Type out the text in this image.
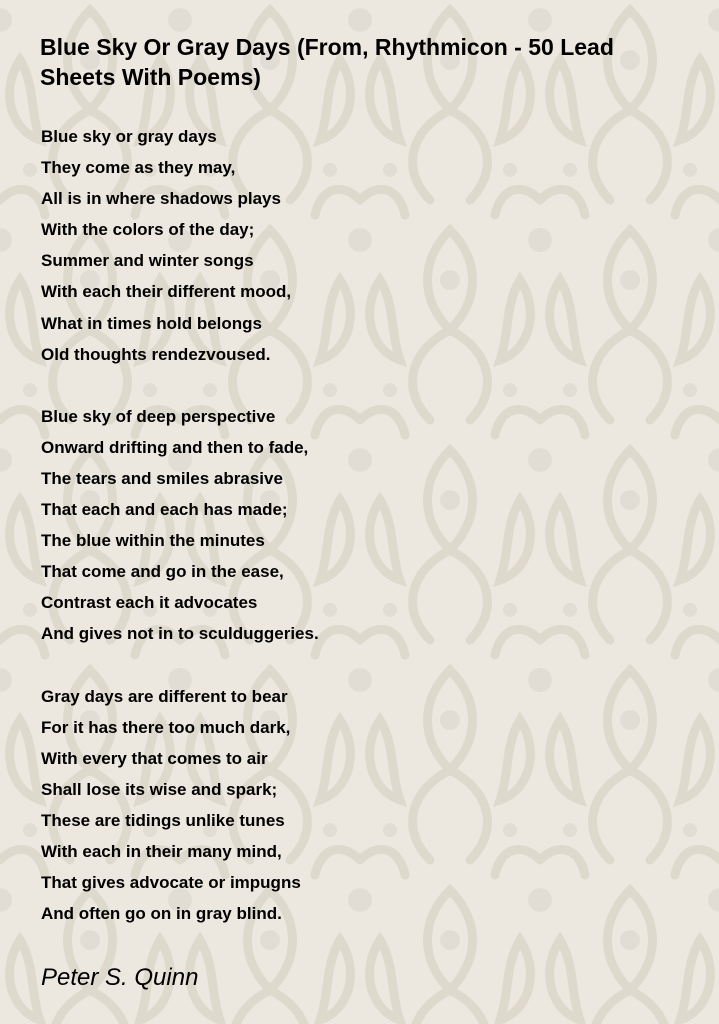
Blue Sky Or Gray Days (From, Rhythmicon - 50 Lead Sheets With Poems)
Blue sky or gray days
They come as they may,
All is in where shadows plays
With the colors of the day;
Summer and winter songs
With each their different mood,
What in times hold belongs
Old thoughts rendezvoused.
Blue sky of deep perspective
Onward drifting and then to fade,
The tears and smiles abrasive
That each and each has made;
The blue within the minutes
That come and go in the ease,
Contrast each it advocates
And gives not in to sculduggeries.
Gray days are different to bear
For it has there too much dark,
With every that comes to air
Shall lose its wise and spark;
These are tidings unlike tunes
With each in their many mind,
That gives advocate or impugns
And often go on in gray blind.
Peter S. Quinn
